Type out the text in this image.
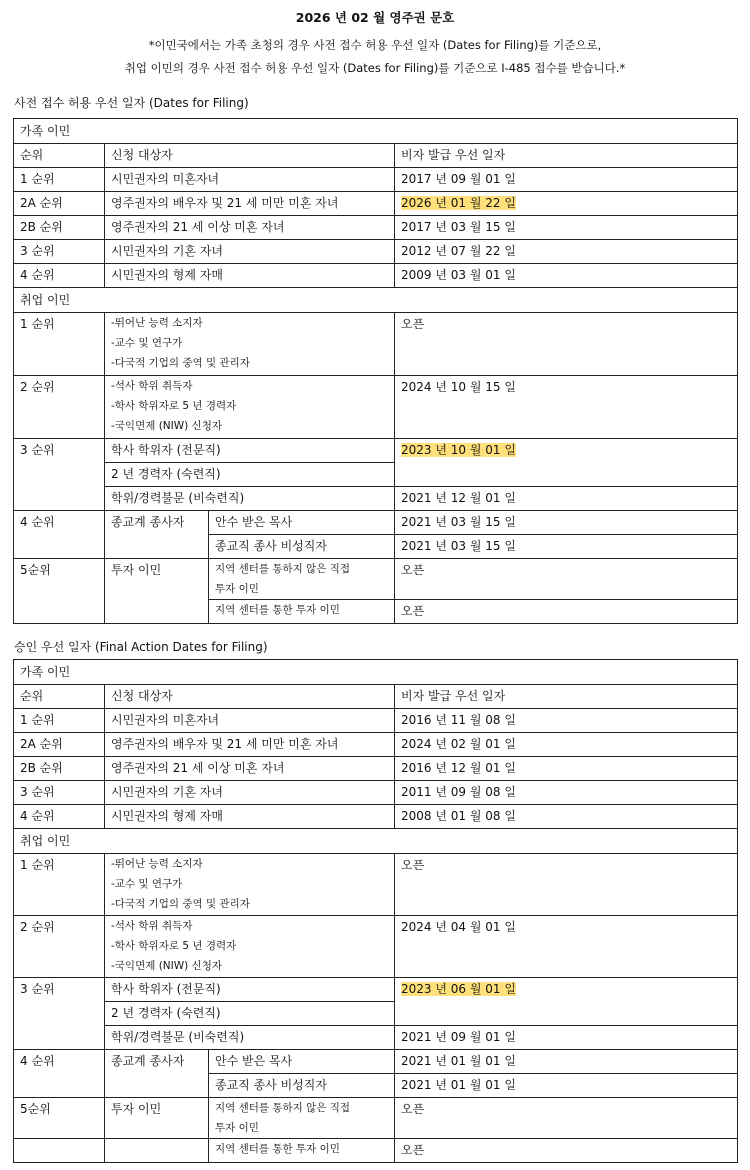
2026 년 02 월 영주권 문호
*이민국에서는 가족 초청의 경우 사전 접수 허용 우선 일자 (Dates for Filing)를 기준으로,
취업 이민의 경우 사전 접수 허용 우선 일자 (Dates for Filing)를 기준으로 I-485 접수를 받습니다.*
사전 접수 허용 우선 일자 (Dates for Filing)
가족 이민			
순위	신청 대상자		비자 발급 우선 일자
1 순위	시민권자의 미혼자녀		2017 년 09 월 01 일
2A 순위	영주권자의 배우자 및 21 세 미만 미혼 자녀		2026 년 01 월 22 일
2B 순위	영주권자의 21 세 이상 미혼 자녀		2017 년 03 월 15 일
3 순위	시민권자의 기혼 자녀		2012 년 07 월 22 일
4 순위	시민권자의 형제 자매		2009 년 03 월 01 일
취업 이민			
1 순위	-뛰어난 능력 소지자
-교수 및 연구가
-다국적 기업의 중역 및 관리자		오픈
2 순위	-석사 학위 취득자
-학사 학위자로 5 년 경력자
-국익면제 (NIW) 신청자		2024 년 10 월 15 일
3 순위	학사 학위자 (전문직)		2023 년 10 월 01 일
	2 년 경력자 (숙련직)		
	학위/경력불문 (비숙련직)		2021 년 12 월 01 일
4 순위	종교계 종사자	안수 받은 목사	2021 년 03 월 15 일
		종교직 종사 비성직자	2021 년 03 월 15 일
5순위	투자 이민	지역 센터를 통하지 않은 직접
투자 이민	오픈
		지역 센터를 통한 투자 이민	오픈
승인 우선 일자 (Final Action Dates for Filing)
가족 이민			
순위	신청 대상자		비자 발급 우선 일자
1 순위	시민권자의 미혼자녀		2016 년 11 월 08 일
2A 순위	영주권자의 배우자 및 21 세 미만 미혼 자녀		2024 년 02 월 01 일
2B 순위	영주권자의 21 세 이상 미혼 자녀		2016 년 12 월 01 일
3 순위	시민권자의 기혼 자녀		2011 년 09 월 08 일
4 순위	시민권자의 형제 자매		2008 년 01 월 08 일
취업 이민			
1 순위	-뛰어난 능력 소지자
-교수 및 연구가
-다국적 기업의 중역 및 관리자		오픈
2 순위	-석사 학위 취득자
-학사 학위자로 5 년 경력자
-국익면제 (NIW) 신청자		2024 년 04 월 01 일
3 순위	학사 학위자 (전문직)		2023 년 06 월 01 일
	2 년 경력자 (숙련직)		
	학위/경력불문 (비숙련직)		2021 년 09 월 01 일
4 순위	종교계 종사자	안수 받은 목사	2021 년 01 월 01 일
		종교직 종사 비성직자	2021 년 01 월 01 일
5순위	투자 이민	지역 센터를 통하지 않은 직접
투자 이민	오픈
		지역 센터를 통한 투자 이민	오픈
